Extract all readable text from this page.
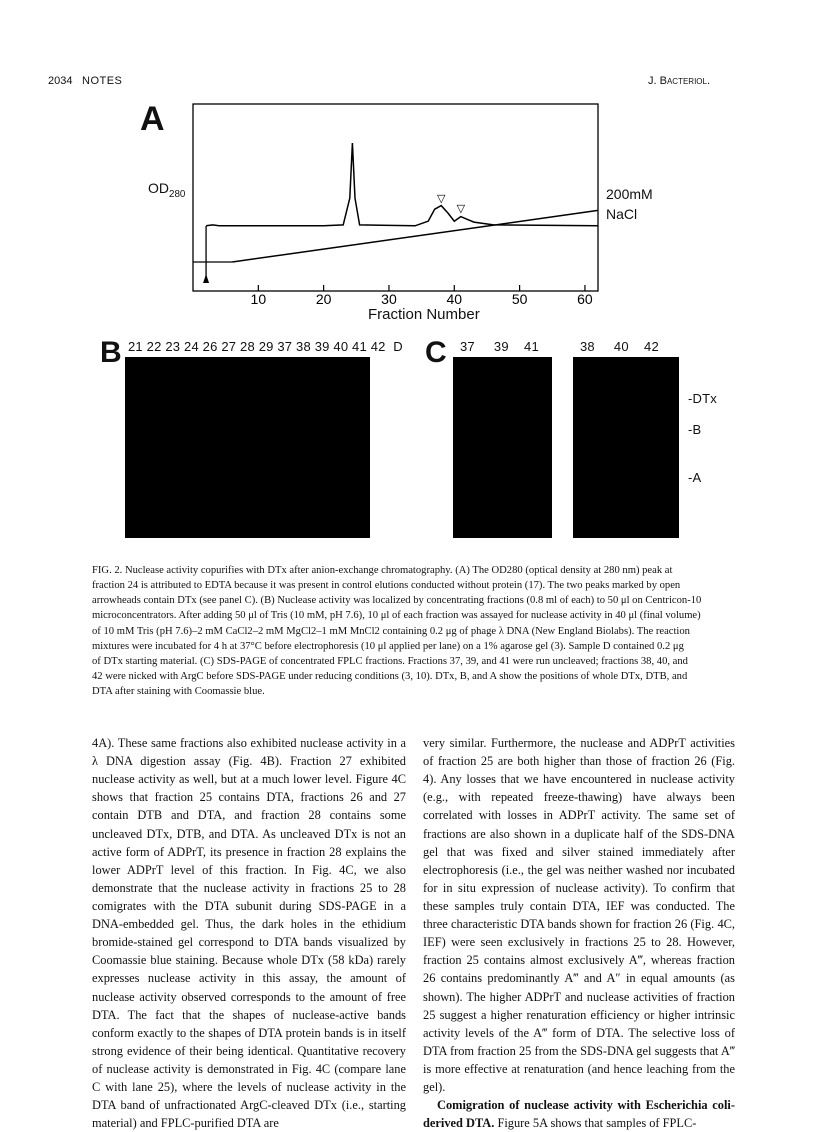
2034 NOTES	J. Bacteriol.
A
$OD_{280}$	200mM
NaCl
10	20	30	40	50	60
▽
▽
Fraction Number
B 21 22 23 24 26 27 28 29 37 38 39 40 41 42  D C 37     39    41	38     40    42
-DTx
-B
-A
FIG. 2. Nuclease activity copurifies with DTx after anion-exchange chromatography. (A) The OD280 (optical density at 280 nm) peak at
fraction 24 is attributed to EDTA because it was present in control elutions conducted without protein (17). The two peaks marked by open
arrowheads contain DTx (see panel C). (B) Nuclease activity was localized by concentrating fractions (0.8 ml of each) to 50 μl on Centricon-10
microconcentrators. After adding 50 μl of Tris (10 mM, pH 7.6), 10 μl of each fraction was assayed for nuclease activity in 40 μl (final volume)
of 10 mM Tris (pH 7.6)–2 mM CaCl2–2 mM MgCl2–1 mM MnCl2 containing 0.2 μg of phage λ DNA (New England Biolabs). The reaction
mixtures were incubated for 4 h at 37°C before electrophoresis (10 μl applied per lane) on a 1% agarose gel (3). Sample D contained 0.2 μg
of DTx starting material. (C) SDS-PAGE of concentrated FPLC fractions. Fractions 37, 39, and 41 were run uncleaved; fractions 38, 40, and
42 were nicked with ArgC before SDS-PAGE under reducing conditions (3, 10). DTx, B, and A show the positions of whole DTx, DTB, and
DTA after staining with Coomassie blue.

4A). These same fractions also exhibited nuclease activity in a λ DNA digestion assay (Fig. 4B). Fraction 27 exhibited nuclease activity as well, but at a much lower level. Figure 4C shows that fraction 25 contains DTA, fractions 26 and 27 contain DTB and DTA, and fraction 28 contains some uncleaved DTx, DTB, and DTA. As uncleaved DTx is not an active form of ADPrT, its presence in fraction 28 explains the lower ADPrT level of this fraction. In Fig. 4C, we also demonstrate that the nuclease activity in fractions 25 to 28 comigrates with the DTA subunit during SDS-PAGE in a DNA-embedded gel. Thus, the dark holes in the ethidium bromide-stained gel correspond to DTA bands visualized by Coomassie blue staining. Because whole DTx (58 kDa) rarely expresses nuclease activity in this assay, the amount of nuclease activity observed corresponds to the amount of free DTA. The fact that the shapes of nuclease-active bands conform exactly to the shapes of DTA protein bands is in itself strong evidence of their being identical. Quantitative recovery of nuclease activity is demonstrated in Fig. 4C (compare lane C with lane 25), where the levels of nuclease activity in the DTA band of unfractionated ArgC-cleaved DTx (i.e., starting material) and FPLC-purified DTA are

very similar. Furthermore, the nuclease and ADPrT activities of fraction 25 are both higher than those of fraction 26 (Fig. 4). Any losses that we have encountered in nuclease activity (e.g., with repeated freeze-thawing) have always been correlated with losses in ADPrT activity. The same set of fractions are also shown in a duplicate half of the SDS-DNA gel that was fixed and silver stained immediately after electrophoresis (i.e., the gel was neither washed nor incubated for in situ expression of nuclease activity). To confirm that these samples truly contain DTA, IEF was conducted. The three characteristic DTA bands shown for fraction 26 (Fig. 4C, IEF) were seen exclusively in fractions 25 to 28. However, fraction 25 contains almost exclusively A‴, whereas fraction 26 contains predominantly A‴ and A″ in equal amounts (as shown). The higher ADPrT and nuclease activities of fraction 25 suggest a higher renaturation efficiency or higher intrinsic activity levels of the A‴ form of DTA. The selective loss of DTA from fraction 25 from the SDS-DNA gel suggests that A‴ is more effective at renaturation (and hence leaching from the gel).

Comigration of nuclease activity with Escherichia coli-derived DTA. Figure 5A shows that samples of FPLC-
